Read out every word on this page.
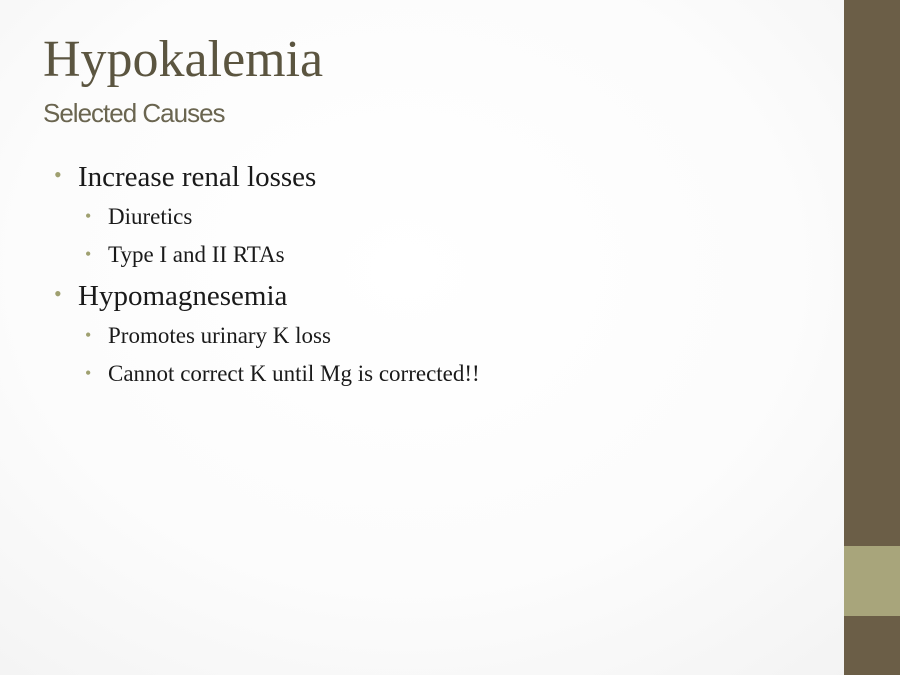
Hypokalemia
Selected Causes
• Increase renal losses
• Diuretics
• Type I and II RTAs
• Hypomagnesemia
• Promotes urinary K loss
• Cannot correct K until Mg is corrected!!
